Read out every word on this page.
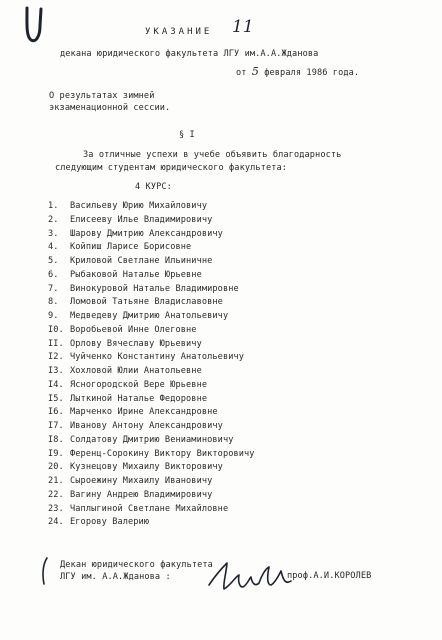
УКАЗАНИЕ 11
декана юридического факультета ЛГУ им.А.А.Жданова
от 5 февраля 1986 года.
О результатах зимней
экзаменационной сессии.
§ I
За отличные успехи в учебе объявить благодарность
следующим студентам юридического факультета:
4 КУРС:
1. Васильеву Юрию Михайловичу
2. Елисееву Илье Владимировичу
3. Шарову Дмитрию Александровичу
4. Койпиш Ларисе Борисовне
5. Криловой Светлане Ильиничне
6. Рыбаковой Наталье Юрьевне
7. Винокуровой Наталье Владимировне
8. Ломовой Татьяне Владиславовне
9. Медведеву Дмитрию Анатольевичу
I0. Воробьевой Инне Олеговне
II. Орлову Вячеславу Юрьевичу
I2. Чуйченко Константину Анатольевичу
I3. Хохловой Юлии Анатольевне
I4. Ясногородской Вере Юрьевне
I5. Лыткиной Наталье Федоровне
I6. Марченко Ирине Александровне
I7. Иванову Антону Александровичу
I8. Солдатову Дмитрию Вениаминовичу
I9. Ференц-Сорокину Виктору Викторовичу
20. Кузнецову Михаилу Викторовичу
21. Сыроежину Михаилу Ивановичу
22. Вагину Андрею Владимировичу
23. Чаплыгиной Светлане Михайловне
24. Егорову Валерию
Декан юридического факультета
ЛГУ им. А.А.Жданова :	проф.А.И.КОРОЛЕВ
